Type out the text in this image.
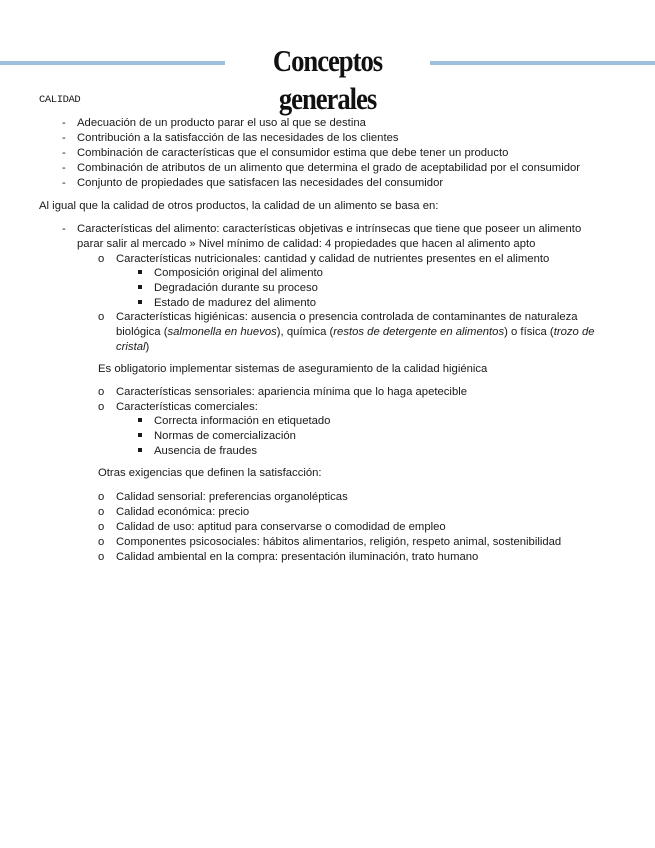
Conceptos generales
CALIDAD
- Adecuación de un producto parar el uso al que se destina
- Contribución a la satisfacción de las necesidades de los clientes
- Combinación de características que el consumidor estima que debe tener un producto
- Combinación de atributos de un alimento que determina el grado de aceptabilidad por el consumidor
- Conjunto de propiedades que satisfacen las necesidades del consumidor
Al igual que la calidad de otros productos, la calidad de un alimento se basa en:
- Características del alimento: características objetivas e intrínsecas que tiene que poseer un alimento
parar salir al mercado » Nivel mínimo de calidad: 4 propiedades que hacen al alimento apto
o Características nutricionales: cantidad y calidad de nutrientes presentes en el alimento
Composición original del alimento
Degradación durante su proceso
Estado de madurez del alimento
o Características higiénicas: ausencia o presencia controlada de contaminantes de naturaleza
biológica (salmonella en huevos), química (restos de detergente en alimentos) o física (trozo de
cristal)
Es obligatorio implementar sistemas de aseguramiento de la calidad higiénica
o Características sensoriales: apariencia mínima que lo haga apetecible
o Características comerciales:
Correcta información en etiquetado
Normas de comercialización
Ausencia de fraudes
Otras exigencias que definen la satisfacción:
o Calidad sensorial: preferencias organolépticas
o Calidad económica: precio
o Calidad de uso: aptitud para conservarse o comodidad de empleo
o Componentes psicosociales: hábitos alimentarios, religión, respeto animal, sostenibilidad
o Calidad ambiental en la compra: presentación iluminación, trato humano
